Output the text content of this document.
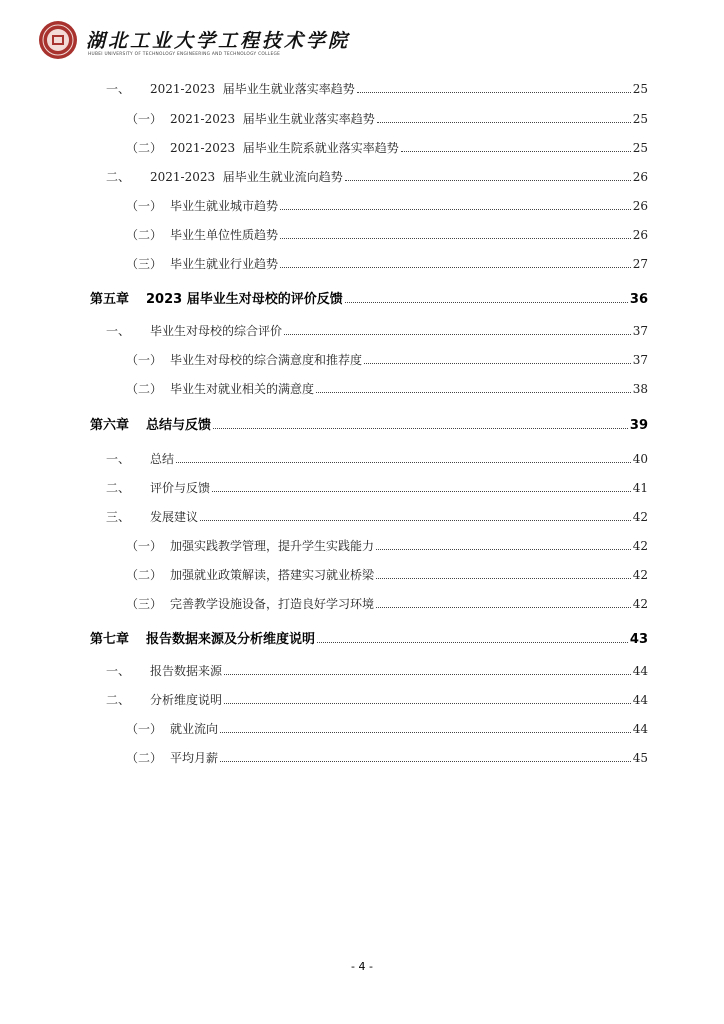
湖北工业大学工程技术学院
HUBEI UNIVERSITY OF TECHNOLOGY ENGINEERING AND TECHNOLOGY COLLEGE
一、	2021-2023  届毕业生就业落实率趋势	25
（一） 2021-2023  届毕业生就业落实率趋势	25
（二） 2021-2023  届毕业生院系就业落实率趋势	25
二、	2021-2023  届毕业生就业流向趋势	26
（一） 毕业生就业城市趋势	26
（二） 毕业生单位性质趋势	26
（三） 毕业生就业行业趋势	27
第五章	2023 届毕业生对母校的评价反馈	36
一、	毕业生对母校的综合评价	37
（一） 毕业生对母校的综合满意度和推荐度	37
（二） 毕业生对就业相关的满意度	38
第六章	总结与反馈	39
一、	总结	40
二、	评价与反馈	41
三、	发展建议	42
（一） 加强实践教学管理，提升学生实践能力	42
（二） 加强就业政策解读，搭建实习就业桥梁	42
（三） 完善教学设施设备，打造良好学习环境	42
第七章	报告数据来源及分析维度说明	43
一、	报告数据来源	44
二、	分析维度说明	44
（一） 就业流向	44
（二） 平均月薪	45
- 4 -
